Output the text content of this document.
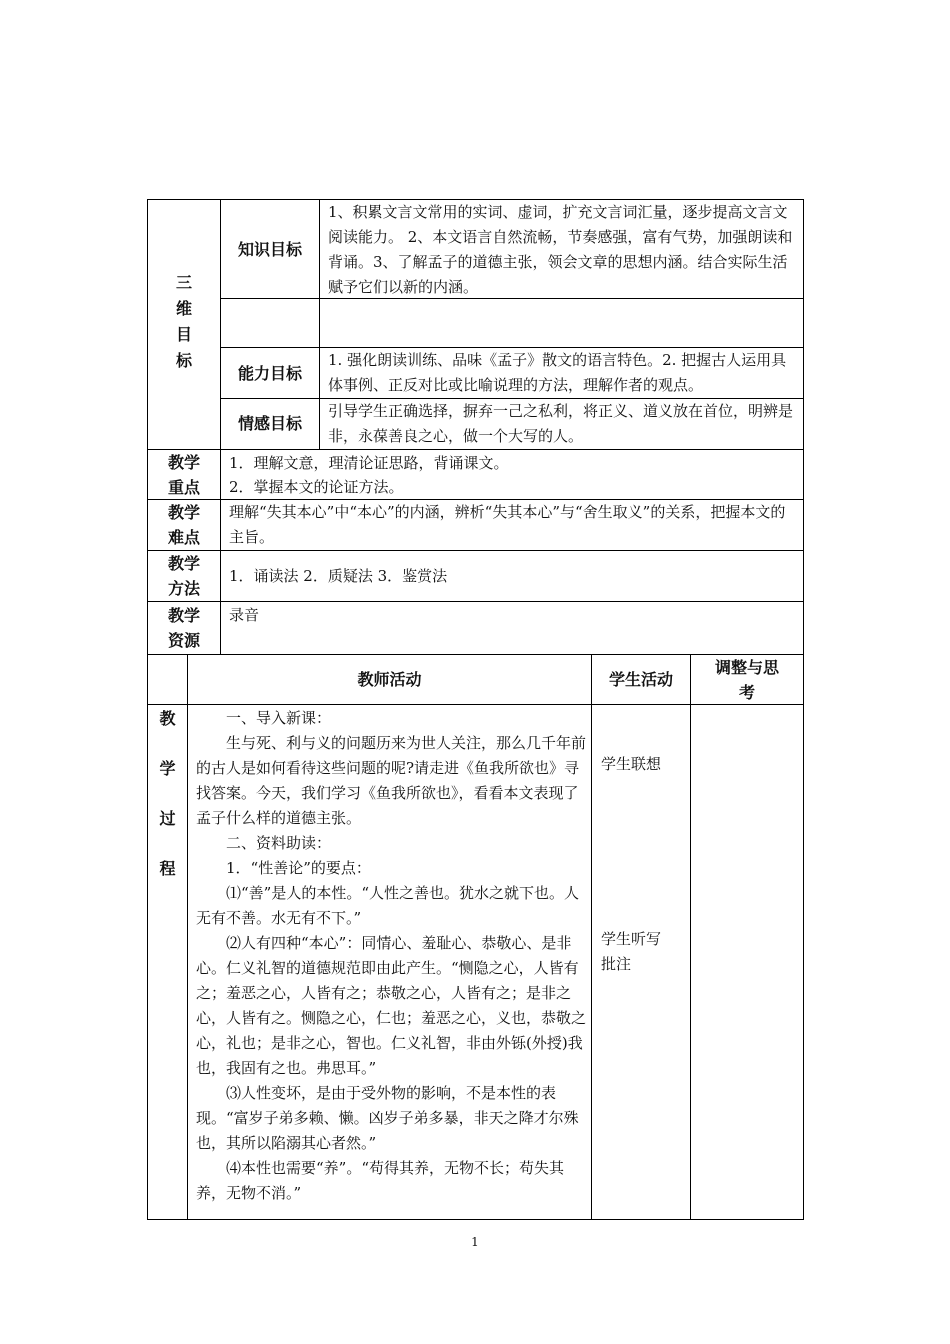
三
维
目
标
知识目标
1、积累文言文常用的实词、虚词，扩充文言词汇量，逐步提高文言文阅读能力。 2、本文语言自然流畅，节奏感强，富有气势，加强朗读和背诵。3、了解孟子的道德主张，领会文章的思想内涵。结合实际生活赋予它们以新的内涵。
能力目标
1. 强化朗读训练、品味《孟子》散文的语言特色。2. 把握古人运用具体事例、正反对比或比喻说理的方法，理解作者的观点。
情感目标
引导学生正确选择，摒弃一己之私利，将正义、道义放在首位，明辨是非，永葆善良之心，做一个大写的人。
教学
重点
1．理解文意，理清论证思路，背诵课文。
2．掌握本文的论证方法。
教学
难点
理解“失其本心”中“本心”的内涵，辨析“失其本心”与“舍生取义”的关系，把握本文的主旨。
教学
方法
1．诵读法 2．质疑法 3．鉴赏法
教学
资源
录音
教师活动	学生活动
调整与思
考
教

学

过

程

一、导入新课：

生与死、利与义的问题历来为世人关注，那么几千年前的古人是如何看待这些问题的呢?请走进《鱼我所欲也》寻找答案。今天，我们学习《鱼我所欲也》，看看本文表现了孟子什么样的道德主张。

二、资料助读：

1．“性善论”的要点：

⑴“善”是人的本性。“人性之善也。犹水之就下也。人无有不善。水无有不下。”

⑵人有四种“本心”：同情心、羞耻心、恭敬心、是非心。仁义礼智的道德规范即由此产生。“恻隐之心，人皆有之；羞恶之心，人皆有之；恭敬之心，人皆有之；是非之心，人皆有之。恻隐之心，仁也；羞恶之心，义也，恭敬之心，礼也；是非之心，智也。仁义礼智，非由外铄(外授)我也，我固有之也。弗思耳。”

⑶人性变坏，是由于受外物的影响，不是本性的表现。“富岁子弟多赖、懒。凶岁子弟多暴，非天之降才尔殊也，其所以陷溺其心者然。”

⑷本性也需要“养”。“苟得其养，无物不长；苟失其养，无物不消。”

学生联想
学生听写
批注
1
